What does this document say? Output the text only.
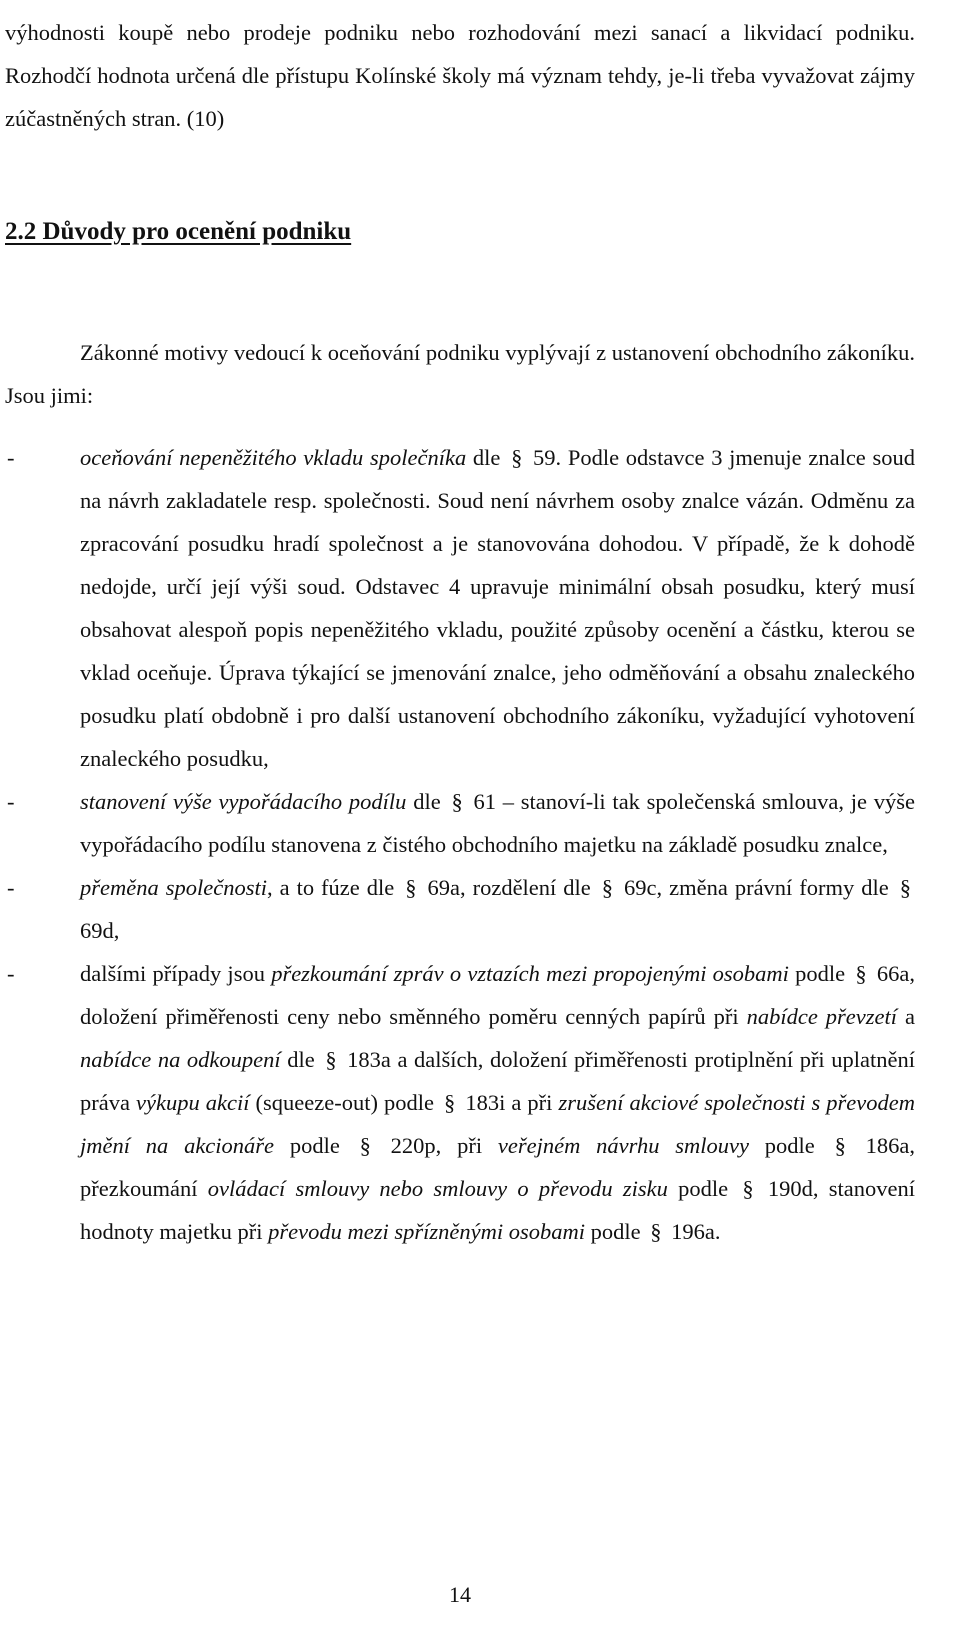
výhodnosti koupě nebo prodeje podniku nebo rozhodování mezi sanací a likvidací podniku. Rozhodčí hodnota určená dle přístupu Kolínské školy má význam tehdy, je-li třeba vyvažovat zájmy zúčastněných stran. (10)

2.2 Důvody pro ocenění podniku

Zákonné motivy vedoucí k oceňování podniku vyplývají z ustanovení obchodního zákoníku. Jsou jimi:

-	oceňování nepeněžitého vkladu společníka dle § 59. Podle odstavce 3 jmenuje znalce soud na návrh zakladatele resp. společnosti. Soud není návrhem osoby znalce vázán. Odměnu za zpracování posudku hradí společnost a je stanovována dohodou. V případě, že k dohodě nedojde, určí její výši soud. Odstavec 4 upravuje minimální obsah posudku, který musí obsahovat alespoň popis nepeněžitého vkladu, použité způsoby ocenění a částku, kterou se vklad oceňuje. Úprava týkající se jmenování znalce, jeho odměňování a obsahu znaleckého posudku platí obdobně i pro další ustanovení obchodního zákoníku, vyžadující vyhotovení znaleckého posudku,
-	stanovení výše vypořádacího podílu dle § 61 – stanoví-li tak společenská smlouva, je výše vypořádacího podílu stanovena z čistého obchodního majetku na základě posudku znalce,
-	přeměna společnosti, a to fúze dle § 69a, rozdělení dle § 69c, změna právní formy dle § 69d,
-	dalšími případy jsou přezkoumání zpráv o vztazích mezi propojenými osobami podle § 66a, doložení přiměřenosti ceny nebo směnného poměru cenných papírů při nabídce převzetí a nabídce na odkoupení dle § 183a a dalších, doložení přiměřenosti protiplnění při uplatnění práva výkupu akcií (squeeze-out) podle § 183i a při zrušení akciové společnosti s převodem jmění na akcionáře podle § 220p, při veřejném návrhu smlouvy podle § 186a, přezkoumání ovládací smlouvy nebo smlouvy o převodu zisku podle § 190d, stanovení hodnoty majetku při převodu mezi spřízněnými osobami podle § 196a.
14
